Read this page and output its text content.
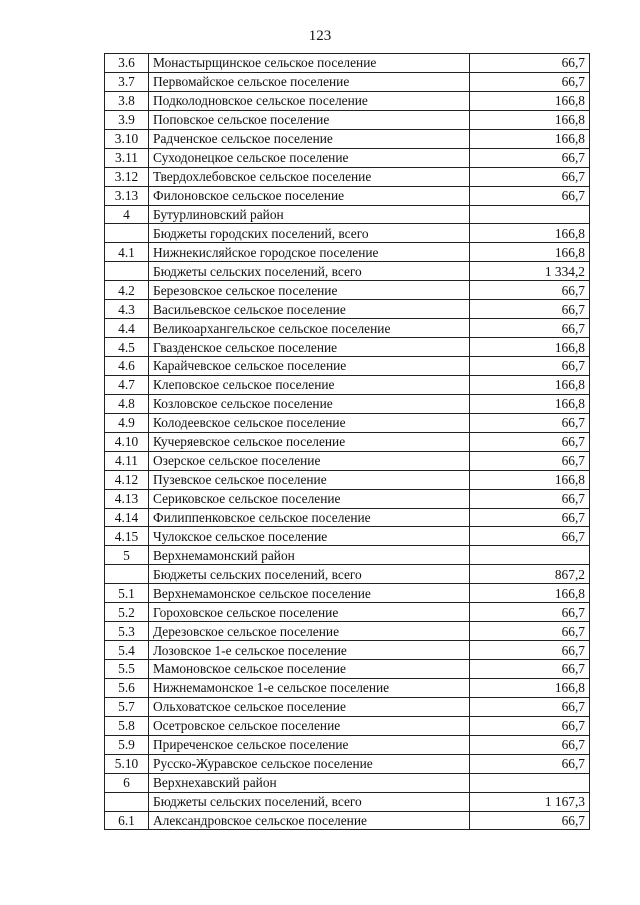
123
3.6	Монастырщинское сельское поселение	66,7
3.7	Первомайское сельское поселение	66,7
3.8	Подколодновское сельское поселение	166,8
3.9	Поповское сельское поселение	166,8
3.10	Радченское сельское поселение	166,8
3.11	Суходонецкое сельское поселение	66,7
3.12	Твердохлебовское сельское поселение	66,7
3.13	Филоновское сельское поселение	66,7
4	Бутурлиновский район	
	Бюджеты городских поселений, всего	166,8
4.1	Нижнекисляйское городское поселение	166,8
	Бюджеты сельских поселений, всего	1 334,2
4.2	Березовское сельское поселение	66,7
4.3	Васильевское сельское поселение	66,7
4.4	Великоархангельское сельское поселение	66,7
4.5	Гвазденское сельское поселение	166,8
4.6	Карайчевское сельское поселение	66,7
4.7	Клеповское сельское поселение	166,8
4.8	Козловское сельское поселение	166,8
4.9	Колодеевское сельское поселение	66,7
4.10	Кучеряевское сельское поселение	66,7
4.11	Озерское сельское поселение	66,7
4.12	Пузевское сельское поселение	166,8
4.13	Сериковское сельское поселение	66,7
4.14	Филиппенковское сельское поселение	66,7
4.15	Чулокское сельское поселение	66,7
5	Верхнемамонский район	
	Бюджеты сельских поселений, всего	867,2
5.1	Верхнемамонское сельское поселение	166,8
5.2	Гороховское сельское поселение	66,7
5.3	Дерезовское сельское поселение	66,7
5.4	Лозовское 1-е сельское поселение	66,7
5.5	Мамоновское сельское поселение	66,7
5.6	Нижнемамонское 1-е сельское поселение	166,8
5.7	Ольховатское сельское поселение	66,7
5.8	Осетровское сельское поселение	66,7
5.9	Приреченское сельское поселение	66,7
5.10	Русско-Журавское сельское поселение	66,7
6	Верхнехавский район	
	Бюджеты сельских поселений, всего	1 167,3
6.1	Александровское сельское поселение	66,7
